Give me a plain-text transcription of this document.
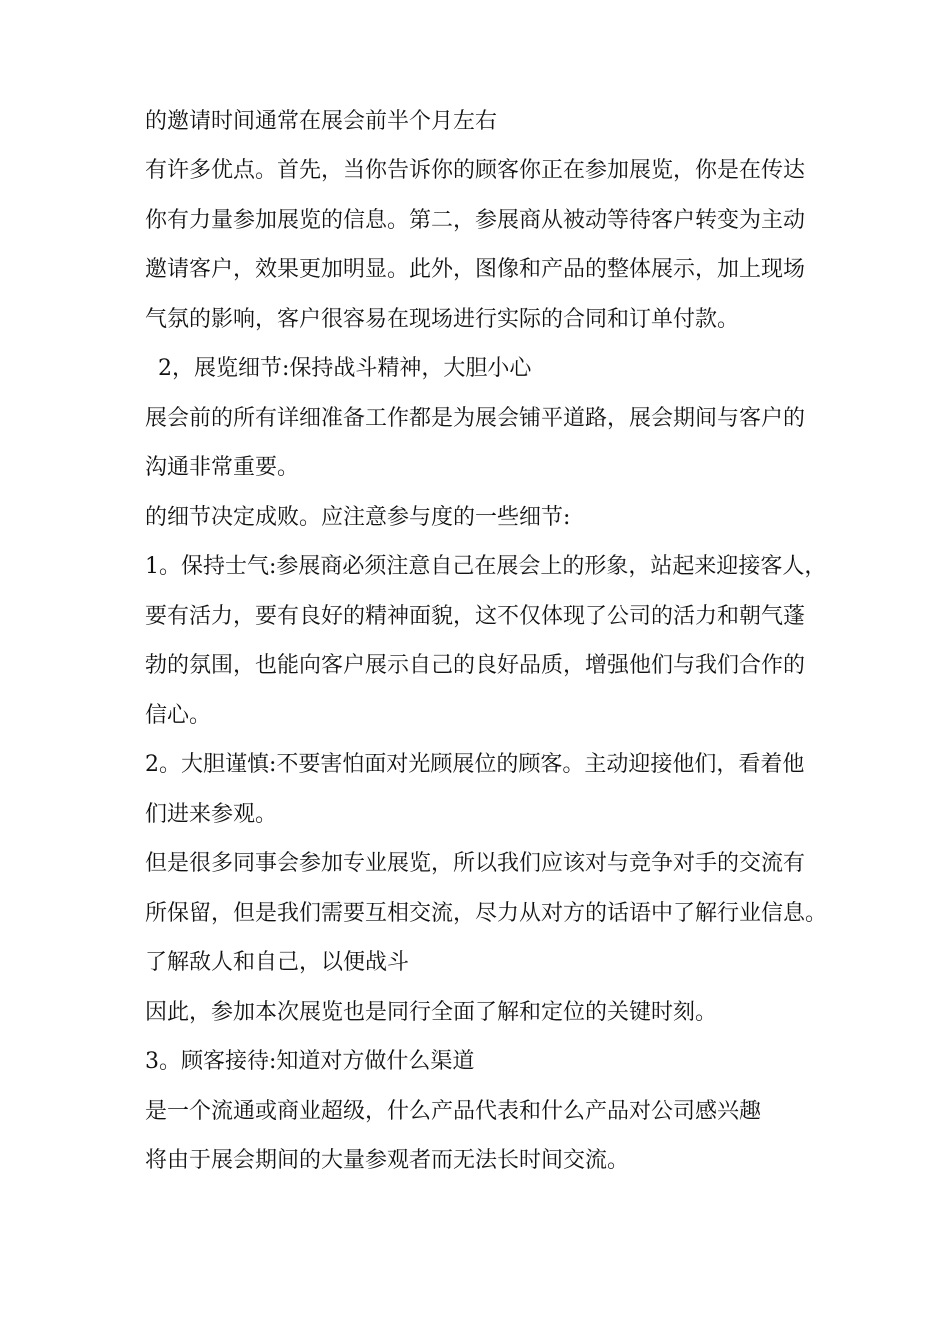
的邀请时间通常在展会前半个月左右
有许多优点。首先，当你告诉你的顾客你正在参加展览，你是在传达
你有力量参加展览的信息。第二，参展商从被动等待客户转变为主动
邀请客户，效果更加明显。此外，图像和产品的整体展示，加上现场
气氛的影响，客户很容易在现场进行实际的合同和订单付款。
2，展览细节:保持战斗精神，大胆小心
展会前的所有详细准备工作都是为展会铺平道路，展会期间与客户的
沟通非常重要。
的细节决定成败。应注意参与度的一些细节:
1。保持士气:参展商必须注意自己在展会上的形象，站起来迎接客人，
要有活力，要有良好的精神面貌，这不仅体现了公司的活力和朝气蓬
勃的氛围，也能向客户展示自己的良好品质，增强他们与我们合作的
信心。
2。大胆谨慎:不要害怕面对光顾展位的顾客。主动迎接他们，看着他
们进来参观。
但是很多同事会参加专业展览，所以我们应该对与竞争对手的交流有
所保留，但是我们需要互相交流，尽力从对方的话语中了解行业信息。
了解敌人和自己，以便战斗
因此，参加本次展览也是同行全面了解和定位的关键时刻。
3。顾客接待:知道对方做什么渠道
是一个流通或商业超级，什么产品代表和什么产品对公司感兴趣
将由于展会期间的大量参观者而无法长时间交流。
